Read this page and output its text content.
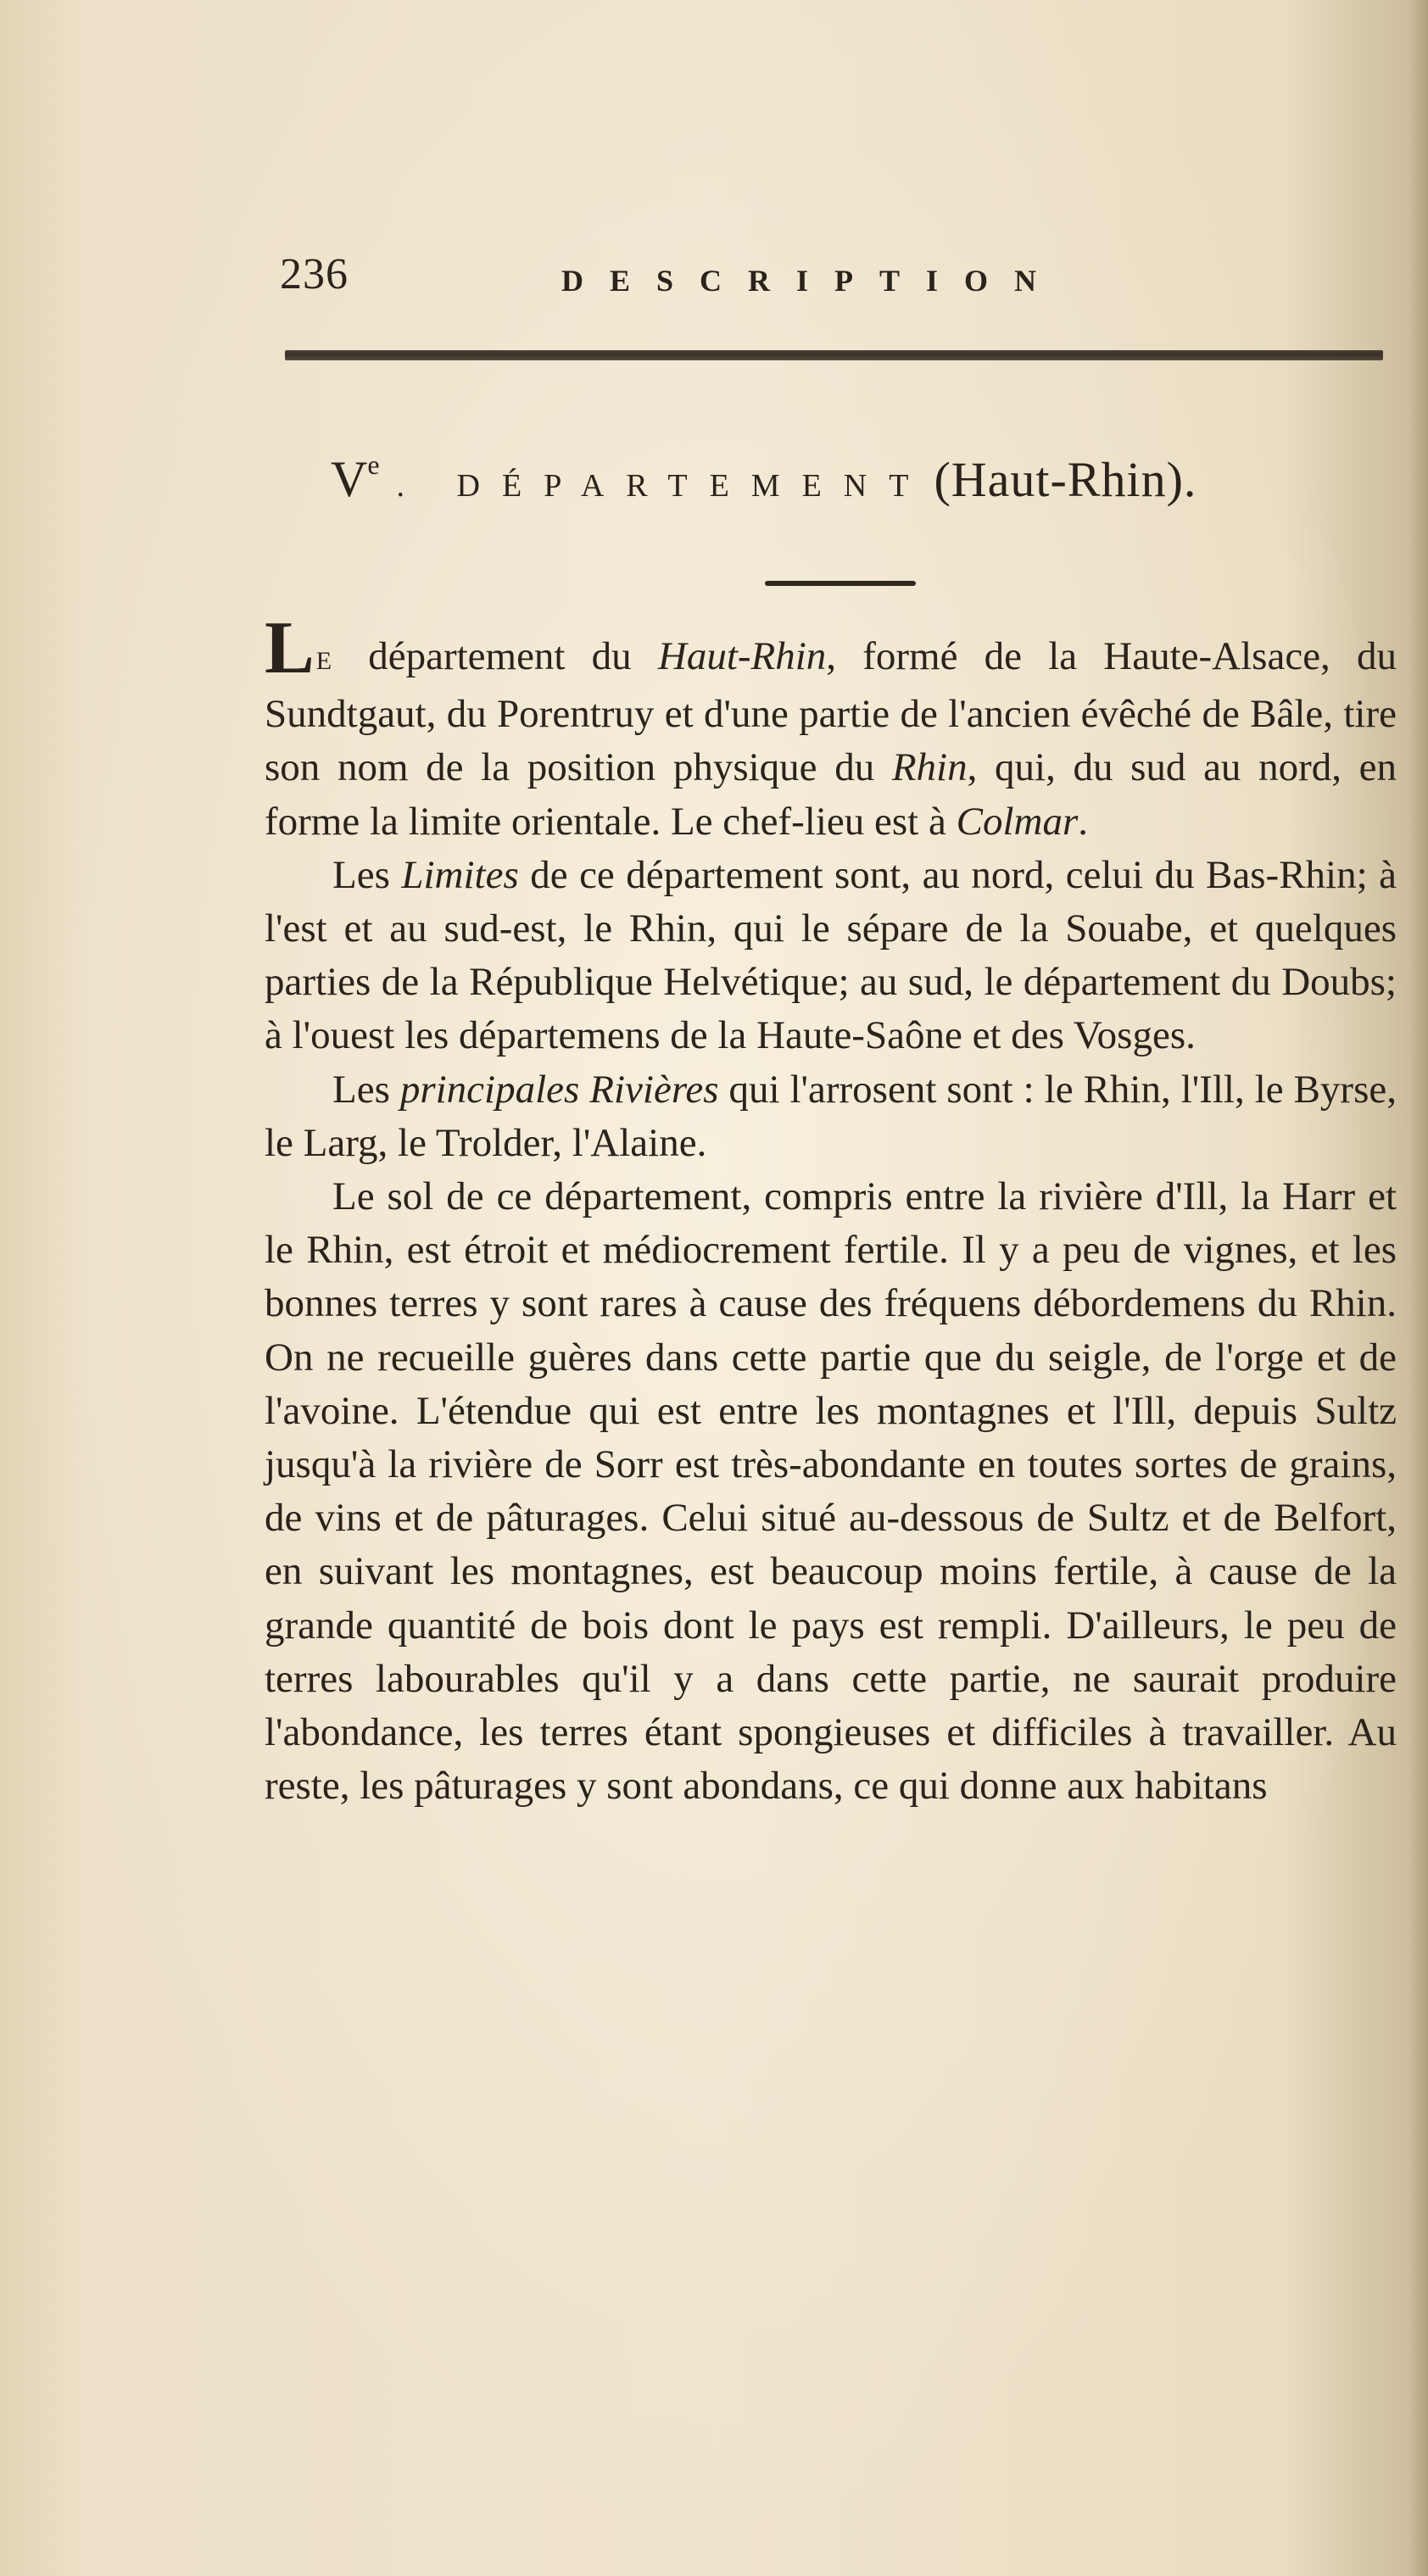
236	DESCRIPTION
Ve. DÉPARTEMENT (Haut-Rhin).

LE département du Haut-Rhin, formé de la Haute-Alsace, du Sundtgaut, du Porentruy et d'une partie de l'ancien évêché de Bâle, tire son nom de la position physique du Rhin, qui, du sud au nord, en forme la limite orientale. Le chef-lieu est à Colmar.

Les Limites de ce département sont, au nord, celui du Bas-Rhin; à l'est et au sud-est, le Rhin, qui le sépare de la Souabe, et quelques parties de la République Helvétique; au sud, le département du Doubs; à l'ouest les départemens de la Haute-Saône et des Vosges.

Les principales Rivières qui l'arrosent sont : le Rhin, l'Ill, le Byrse, le Larg, le Trolder, l'Alaine.

Le sol de ce département, compris entre la rivière d'Ill, la Harr et le Rhin, est étroit et médiocrement fertile. Il y a peu de vignes, et les bonnes terres y sont rares à cause des fréquens débordemens du Rhin. On ne recueille guères dans cette partie que du seigle, de l'orge et de l'avoine. L'étendue qui est entre les montagnes et l'Ill, depuis Sultz jusqu'à la rivière de Sorr est très-abondante en toutes sortes de grains, de vins et de pâturages. Celui situé au-dessous de Sultz et de Belfort, en suivant les montagnes, est beaucoup moins fertile, à cause de la grande quantité de bois dont le pays est rempli. D'ailleurs, le peu de terres labourables qu'il y a dans cette partie, ne saurait produire l'abondance, les terres étant spongieuses et difficiles à travailler. Au reste, les pâturages y sont abondans, ce qui donne aux habitans
